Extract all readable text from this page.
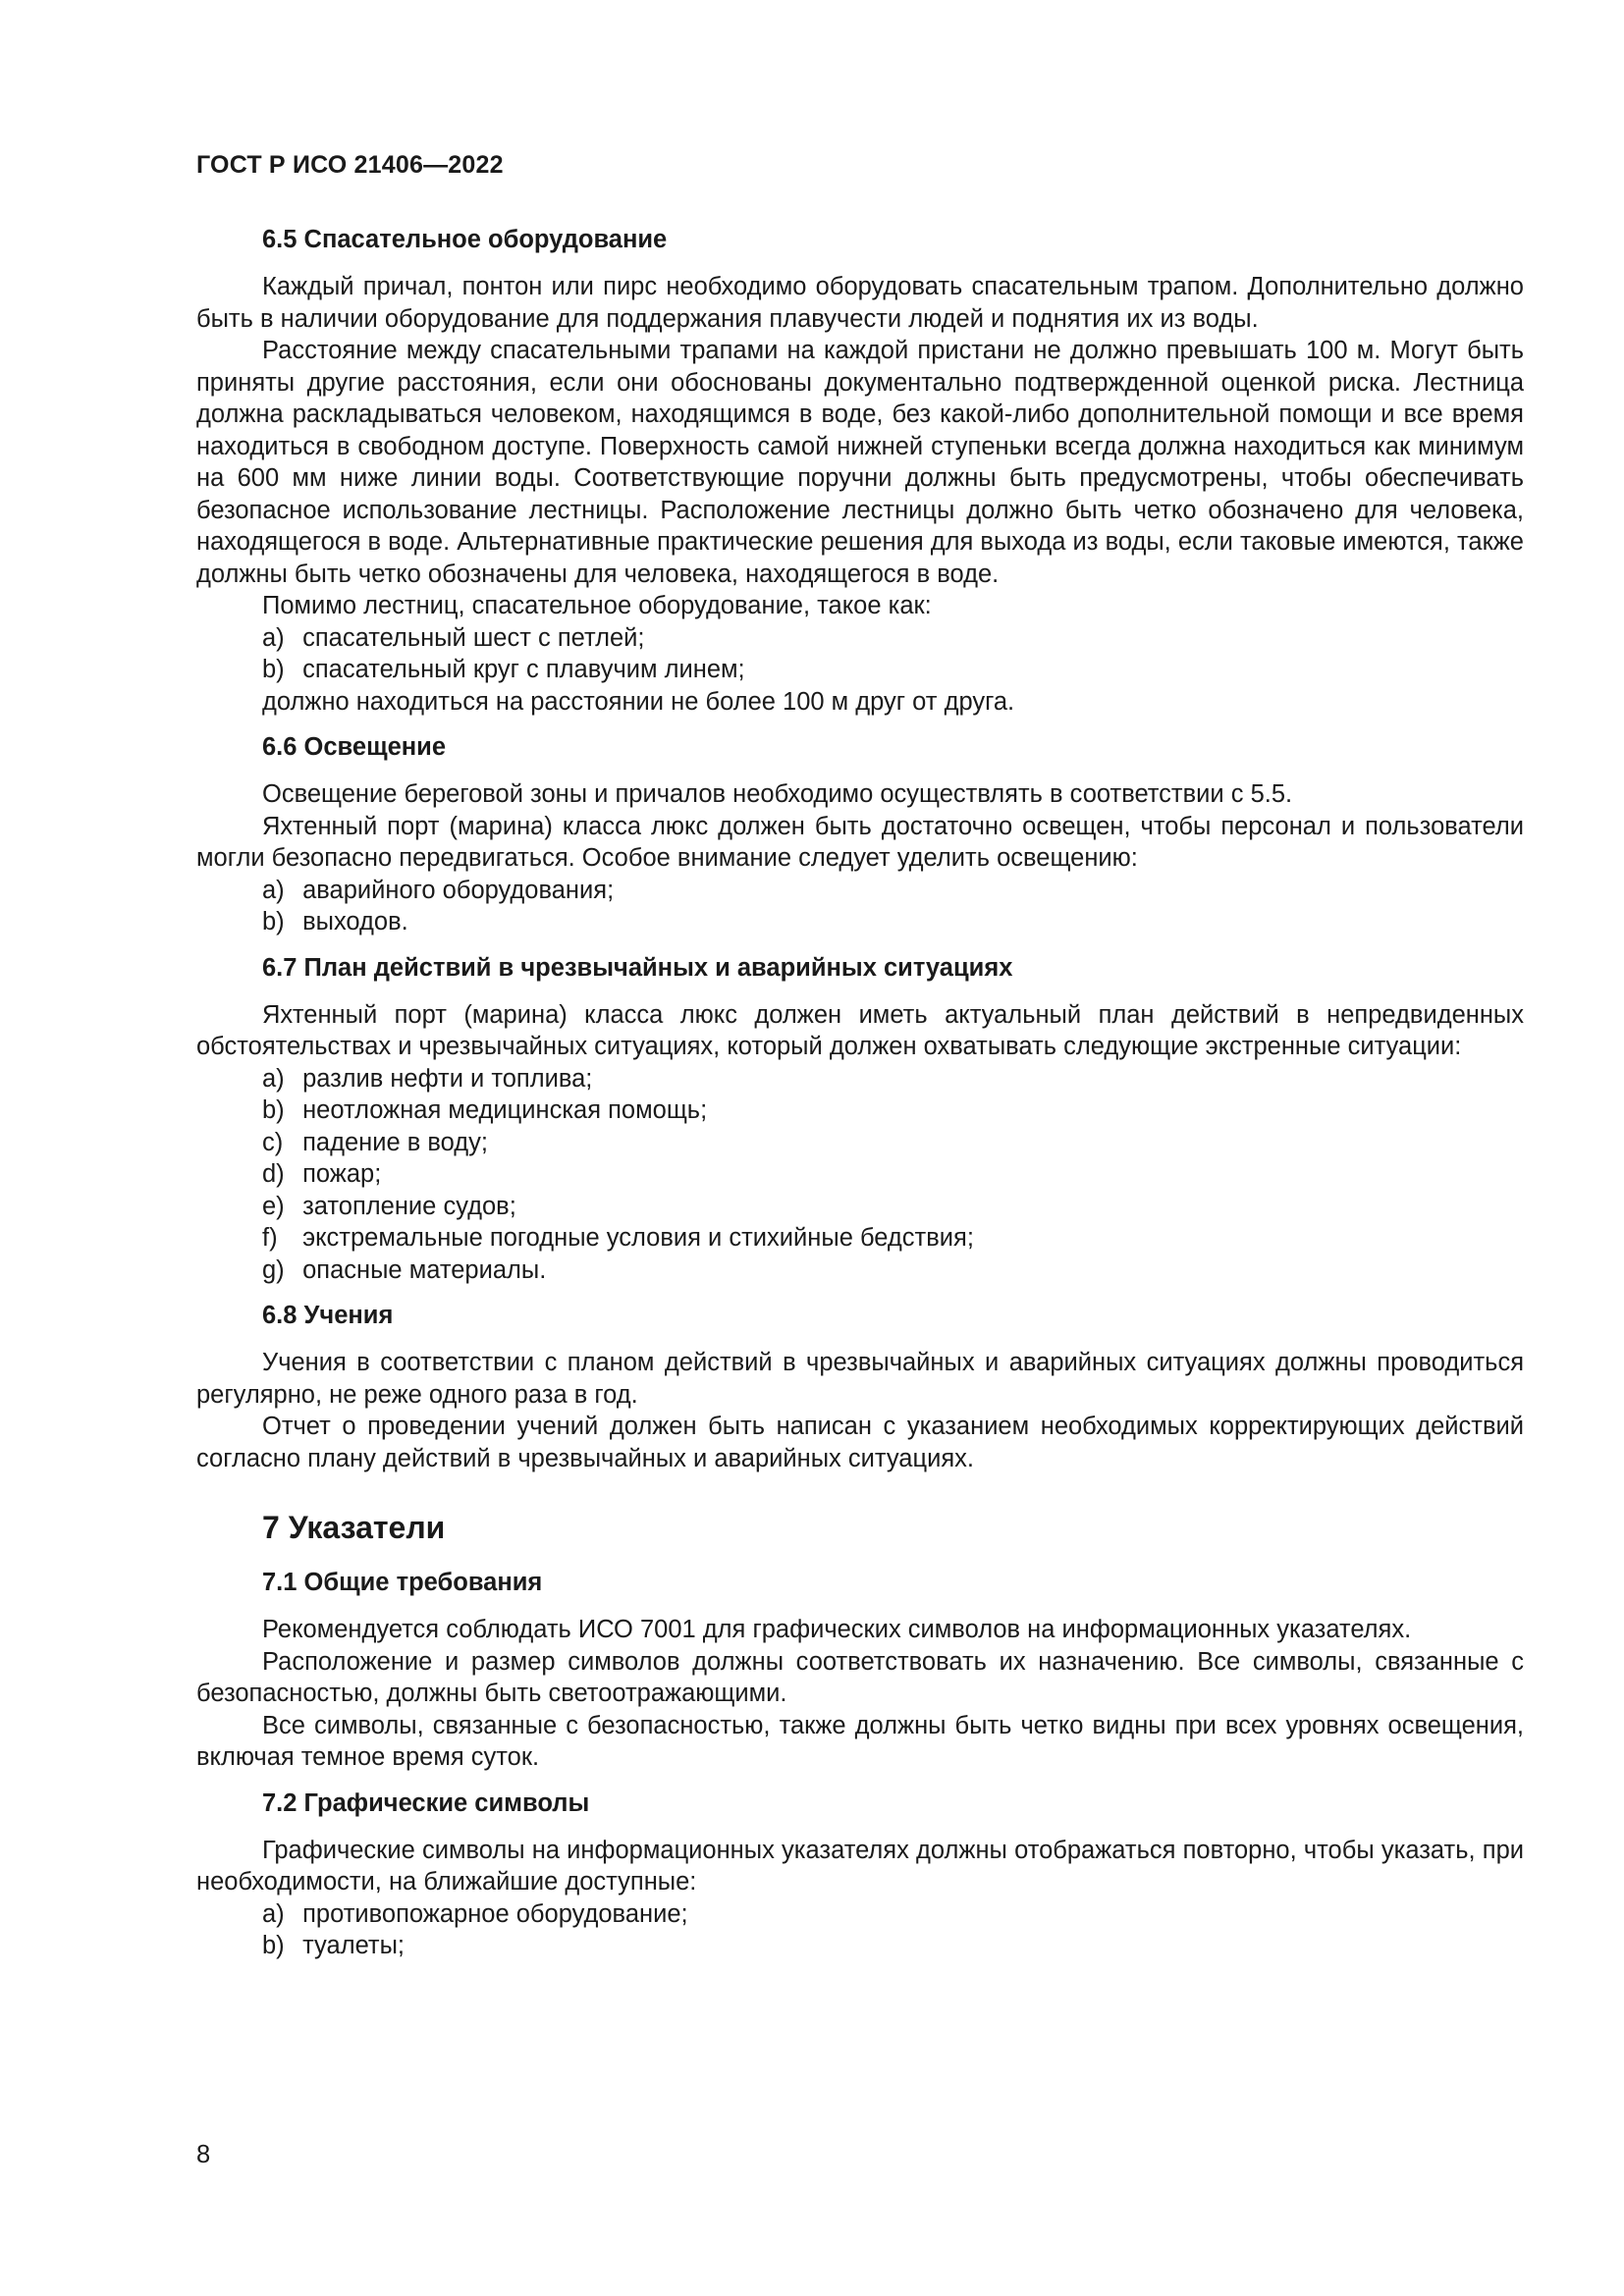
ГОСТ Р ИСО 21406—2022
6.5 Спасательное оборудование

Каждый причал, понтон или пирс необходимо оборудовать спасательным трапом. Дополнительно должно быть в наличии оборудование для поддержания плавучести людей и поднятия их из воды.

Расстояние между спасательными трапами на каждой пристани не должно превышать 100 м. Могут быть приняты другие расстояния, если они обоснованы документально подтвержденной оценкой риска. Лестница должна раскладываться человеком, находящимся в воде, без какой-либо дополнительной помощи и все время находиться в свободном доступе. Поверхность самой нижней ступеньки всегда должна находиться как минимум на 600 мм ниже линии воды. Соответствующие поручни должны быть предусмотрены, чтобы обеспечивать безопасное использование лестницы. Расположение лестницы должно быть четко обозначено для человека, находящегося в воде. Альтернативные практические решения для выхода из воды, если таковые имеются, также должны быть четко обозначены для человека, находящегося в воде.

Помимо лестниц, спасательное оборудование, такое как:

a) спасательный шест с петлей;
b) спасательный круг с плавучим линем;

должно находиться на расстоянии не более 100 м друг от друга.

6.6 Освещение

Освещение береговой зоны и причалов необходимо осуществлять в соответствии с 5.5.

Яхтенный порт (марина) класса люкс должен быть достаточно освещен, чтобы персонал и пользователи могли безопасно передвигаться. Особое внимание следует уделить освещению:

a) аварийного оборудования;
b) выходов.
6.7 План действий в чрезвычайных и аварийных ситуациях

Яхтенный порт (марина) класса люкс должен иметь актуальный план действий в непредвиденных обстоятельствах и чрезвычайных ситуациях, который должен охватывать следующие экстренные ситуации:

a) разлив нефти и топлива;
b) неотложная медицинская помощь;
c) падение в воду;
d) пожар;
e) затопление судов;
f) экстремальные погодные условия и стихийные бедствия;
g) опасные материалы.
6.8 Учения

Учения в соответствии с планом действий в чрезвычайных и аварийных ситуациях должны проводиться регулярно, не реже одного раза в год.

Отчет о проведении учений должен быть написан с указанием необходимых корректирующих действий согласно плану действий в чрезвычайных и аварийных ситуациях.

7 Указатели
7.1 Общие требования

Рекомендуется соблюдать ИСО 7001 для графических символов на информационных указателях.

Расположение и размер символов должны соответствовать их назначению. Все символы, связанные с безопасностью, должны быть светоотражающими.

Все символы, связанные с безопасностью, также должны быть четко видны при всех уровнях освещения, включая темное время суток.

7.2 Графические символы

Графические символы на информационных указателях должны отображаться повторно, чтобы указать, при необходимости, на ближайшие доступные:

a) противопожарное оборудование;
b) туалеты;
8
